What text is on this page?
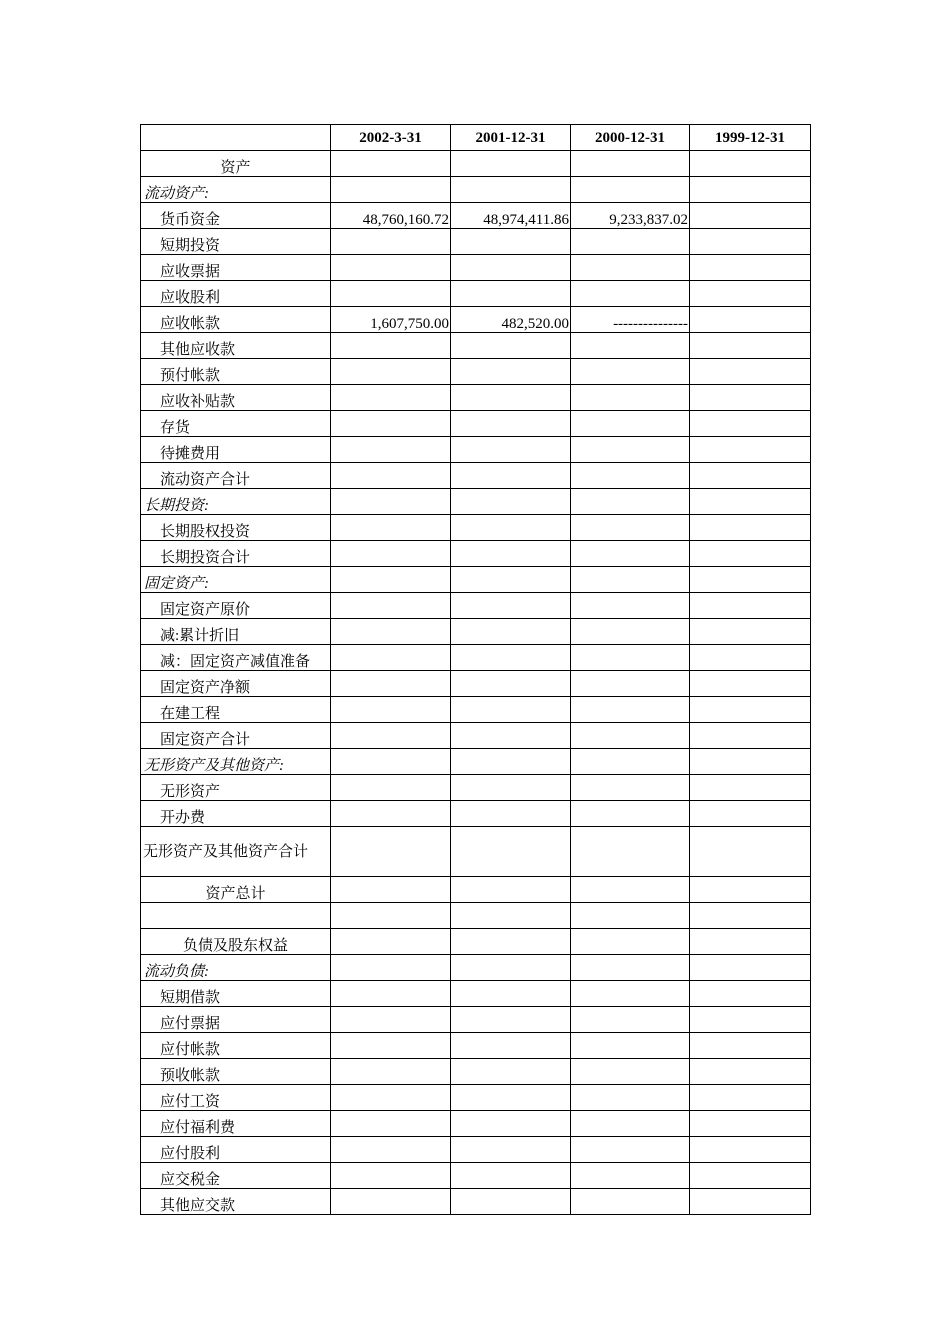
	2002-3-31	2001-12-31	2000-12-31	1999-12-31
资产				
流动资产:				
货币资金	48,760,160.72	48,974,411.86	9,233,837.02	
短期投资				
应收票据				
应收股利				
应收帐款	1,607,750.00	482,520.00	---------------	
其他应收款				
预付帐款				
应收补贴款				
存货				
待摊费用				
流动资产合计				
长期投资:				
长期股权投资				
长期投资合计				
固定资产:				
固定资产原价				
减:累计折旧				
减：固定资产减值准备				
固定资产净额				
在建工程				
固定资产合计				
无形资产及其他资产:				
无形资产				
开办费				
无形资产及其他资产合计				
资产总计				

负债及股东权益				
流动负债:				
短期借款				
应付票据				
应付帐款				
预收帐款				
应付工资				
应付福利费				
应付股利				
应交税金				
其他应交款				
